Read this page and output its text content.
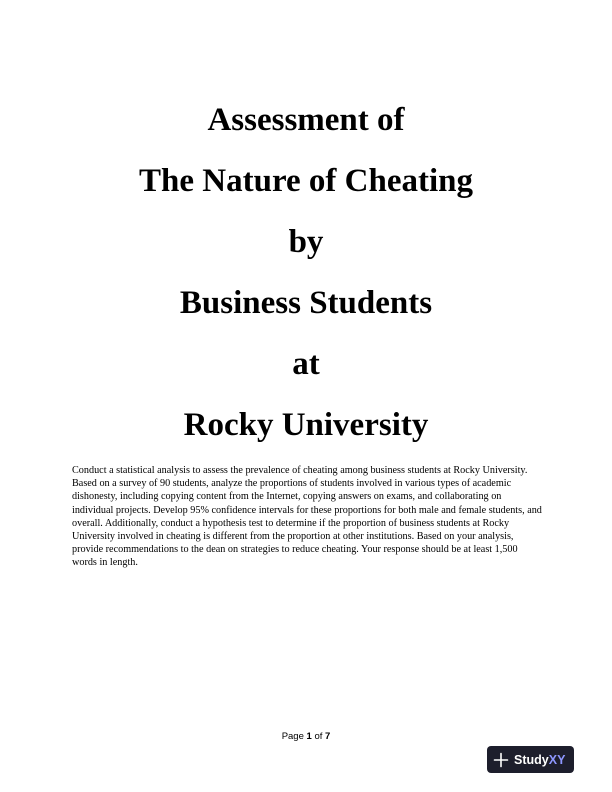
Assessment of
The Nature of Cheating
by
Business Students
at
Rocky University

Conduct a statistical analysis to assess the prevalence of cheating among business students at Rocky University. Based on a survey of 90 students, analyze the proportions of students involved in various types of academic dishonesty, including copying content from the Internet, copying answers on exams, and collaborating on individual projects. Develop 95% confidence intervals for these proportions for both male and female students, and overall. Additionally, conduct a hypothesis test to determine if the proportion of business students at Rocky University involved in cheating is different from the proportion at other institutions. Based on your analysis, provide recommendations to the dean on strategies to reduce cheating. Your response should be at least 1,500 words in length.

Page 1 of 7
StudyXY
